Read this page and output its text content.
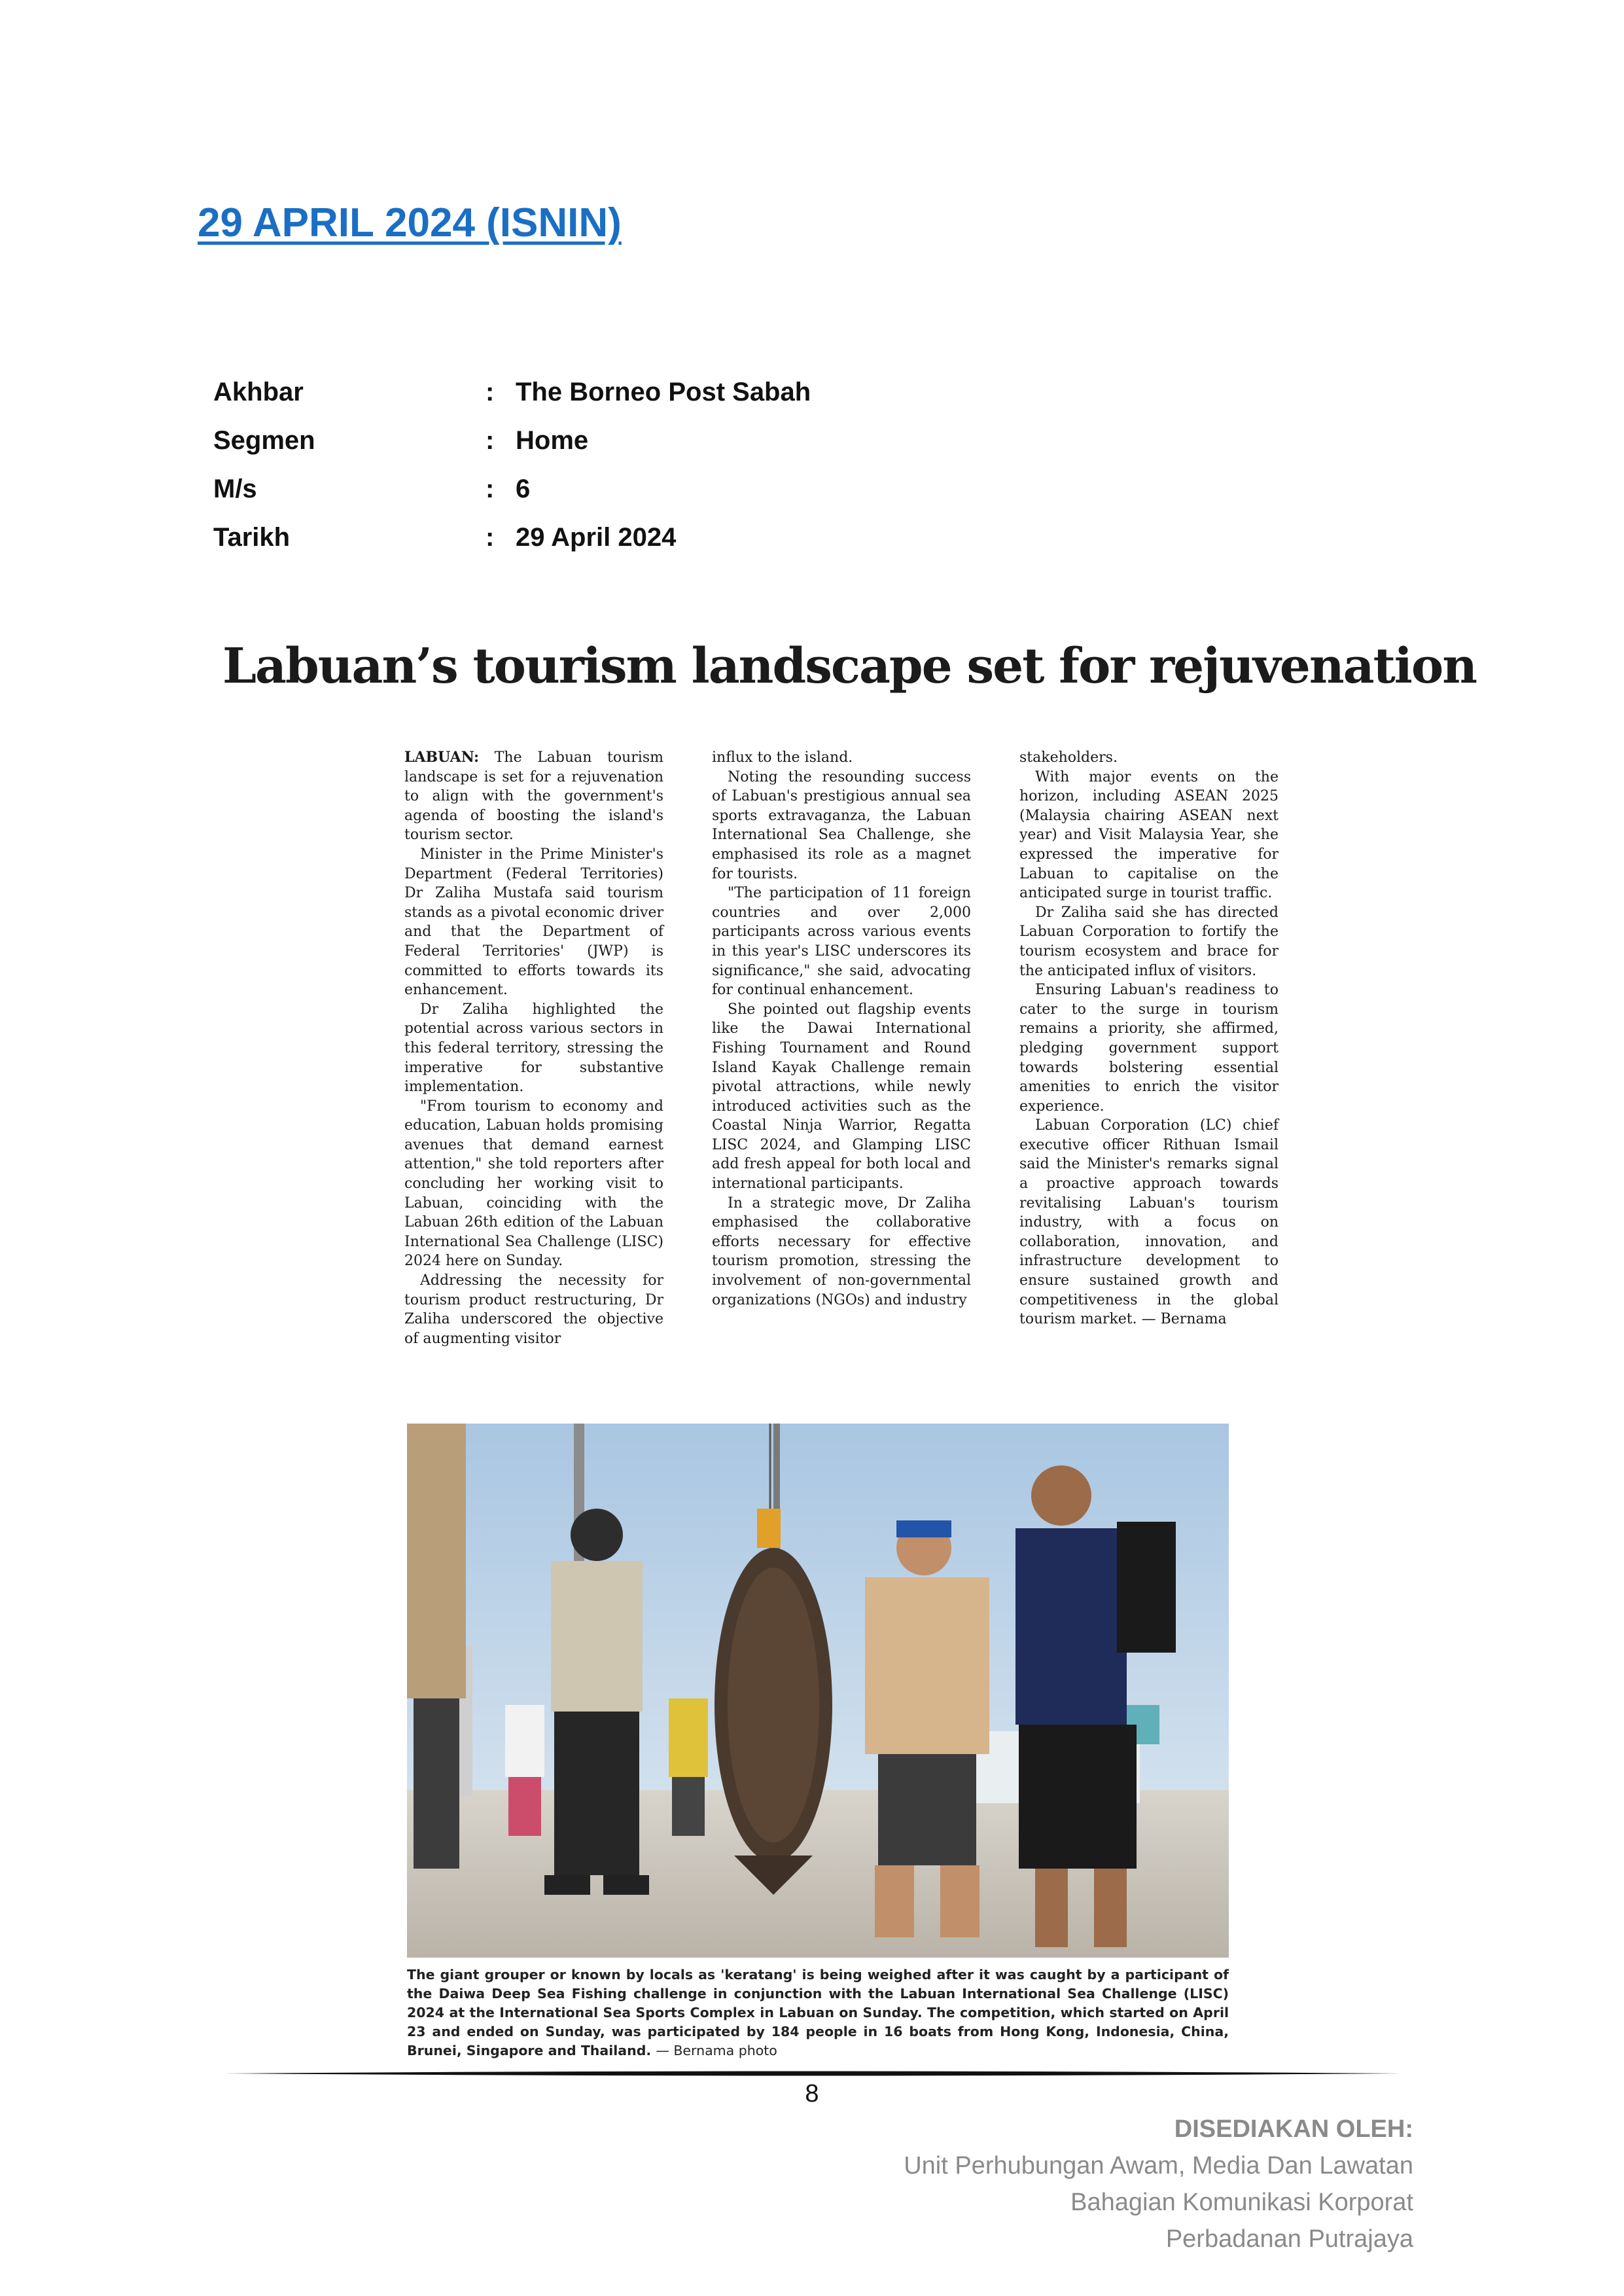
29 APRIL 2024 (ISNIN)
Akhbar	: The Borneo Post Sabah
Segmen	: Home
M/s	: 6
Tarikh	: 29 April 2024
Labuan’s tourism landscape set for rejuvenation

LABUAN: The Labuan tourism landscape is set for a rejuvenation to align with the government's agenda of boosting the island's tourism sector.

Minister in the Prime Minister's Department (Federal Territories) Dr Zaliha Mustafa said tourism stands as a pivotal economic driver and that the Department of Federal Territories' (JWP) is committed to efforts towards its enhancement.

Dr Zaliha highlighted the potential across various sectors in this federal territory, stressing the imperative for substantive implementation.

"From tourism to economy and education, Labuan holds promising avenues that demand earnest attention," she told reporters after concluding her working visit to Labuan, coinciding with the Labuan 26th edition of the Labuan International Sea Challenge (LISC) 2024 here on Sunday.

Addressing the necessity for tourism product restructuring, Dr Zaliha underscored the objective of augmenting visitor

influx to the island.

Noting the resounding success of Labuan's prestigious annual sea sports extravaganza, the Labuan International Sea Challenge, she emphasised its role as a magnet for tourists.

"The participation of 11 foreign countries and over 2,000 participants across various events in this year's LISC underscores its significance," she said, advocating for continual enhancement.

She pointed out flagship events like the Dawai International Fishing Tournament and Round Island Kayak Challenge remain pivotal attractions, while newly introduced activities such as the Coastal Ninja Warrior, Regatta LISC 2024, and Glamping LISC add fresh appeal for both local and international participants.

In a strategic move, Dr Zaliha emphasised the collaborative efforts necessary for effective tourism promotion, stressing the involvement of non-governmental organizations (NGOs) and industry

stakeholders.

With major events on the horizon, including ASEAN 2025 (Malaysia chairing ASEAN next year) and Visit Malaysia Year, she expressed the imperative for Labuan to capitalise on the anticipated surge in tourist traffic.

Dr Zaliha said she has directed Labuan Corporation to fortify the tourism ecosystem and brace for the anticipated influx of visitors.

Ensuring Labuan's readiness to cater to the surge in tourism remains a priority, she affirmed, pledging government support towards bolstering essential amenities to enrich the visitor experience.

Labuan Corporation (LC) chief executive officer Rithuan Ismail said the Minister's remarks signal a proactive approach towards revitalising Labuan's tourism industry, with a focus on collaboration, innovation, and infrastructure development to ensure sustained growth and competitiveness in the global tourism market. — Bernama

The giant grouper or known by locals as 'keratang' is being weighed after it was caught by a participant of the Daiwa Deep Sea Fishing challenge in conjunction with the Labuan International Sea Challenge (LISC) 2024 at the International Sea Sports Complex in Labuan on Sunday. The competition, which started on April 23 and ended on Sunday, was participated by 184 people in 16 boats from Hong Kong, Indonesia, China, Brunei, Singapore and Thailand. — Bernama photo
8
DISEDIAKAN OLEH:
Unit Perhubungan Awam, Media Dan Lawatan
Bahagian Komunikasi Korporat
Perbadanan Putrajaya
